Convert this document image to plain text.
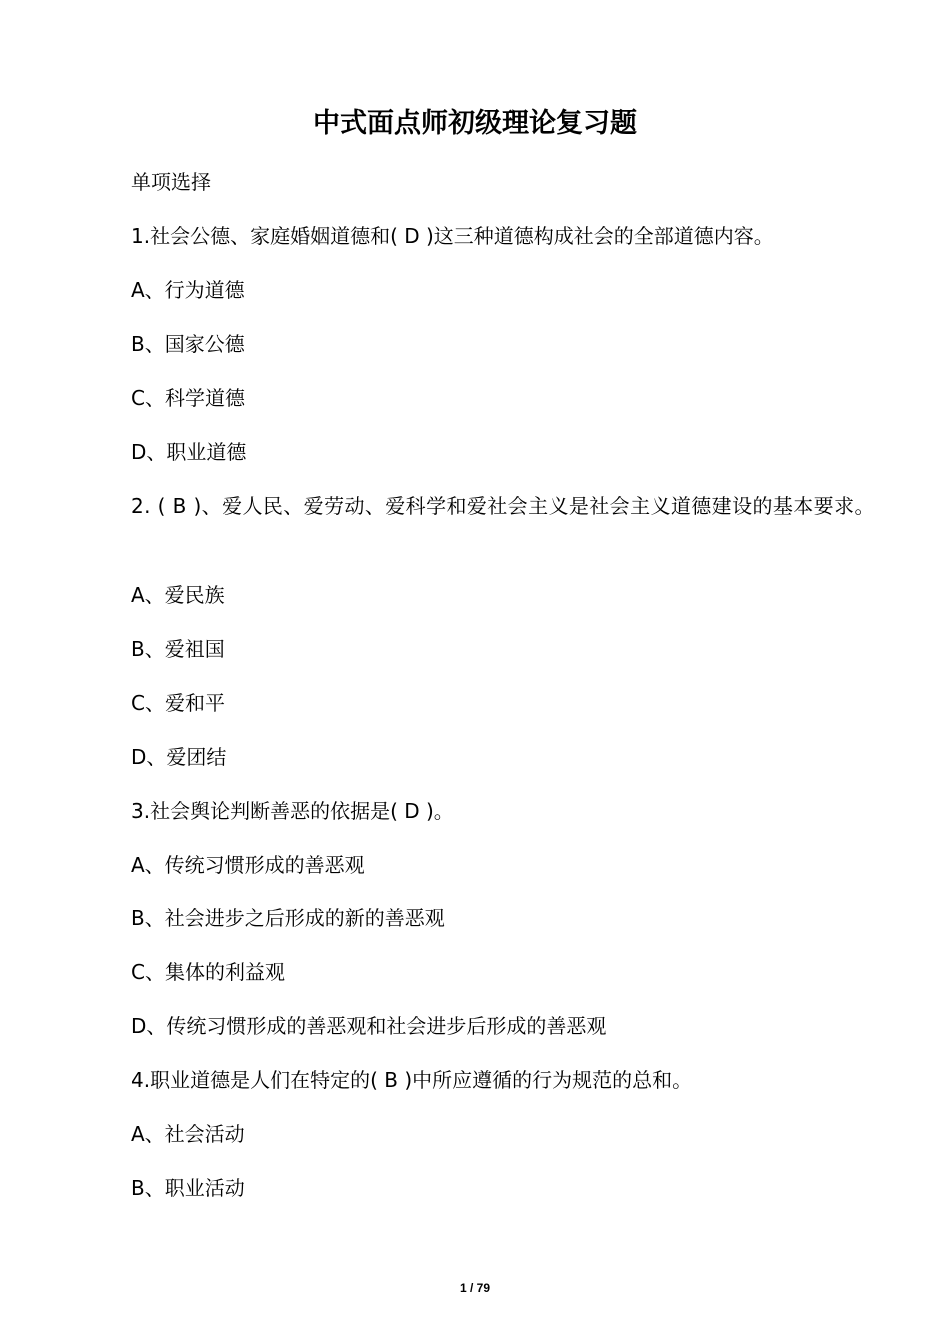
中式面点师初级理论复习题
单项选择
1.社会公德、家庭婚姻道德和( D )这三种道德构成社会的全部道德内容。
A、行为道德
B、国家公德
C、科学道德
D、职业道德
2. ( B )、爱人民、爱劳动、爱科学和爱社会主义是社会主义道德建设的基本要求。
A、爱民族
B、爱祖国
C、爱和平
D、爱团结
3.社会舆论判断善恶的依据是( D )。
A、传统习惯形成的善恶观
B、社会进步之后形成的新的善恶观
C、集体的利益观
D、传统习惯形成的善恶观和社会进步后形成的善恶观
4.职业道德是人们在特定的( B )中所应遵循的行为规范的总和。
A、社会活动
B、职业活动
1 / 79
